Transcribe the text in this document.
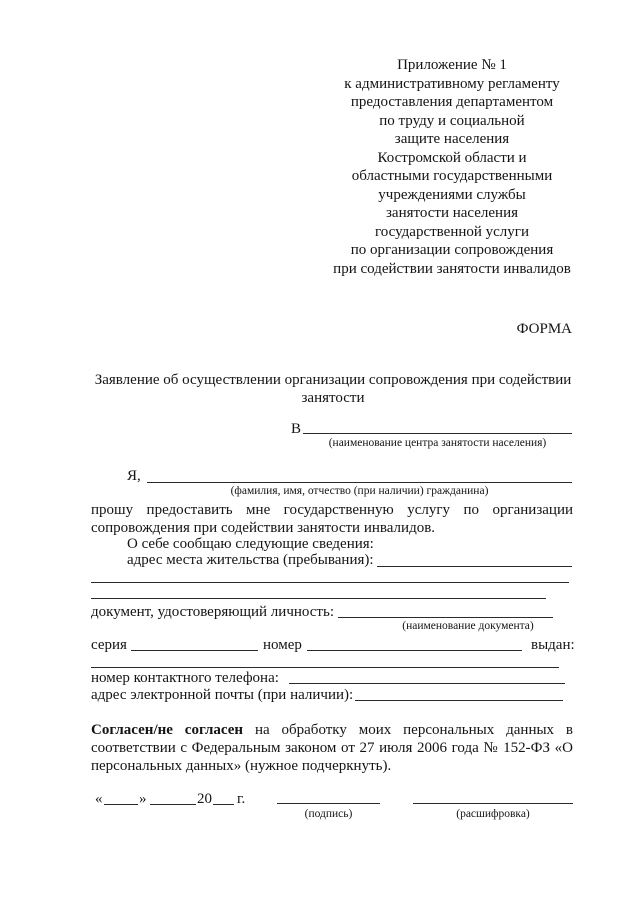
Приложение № 1
к административному регламенту
предоставления департаментом
по труду и социальной
защите населения
Костромской области и
областными государственными
учреждениями службы
занятости населения
государственной услуги
по организации сопровождения
при содействии занятости инвалидов
ФОРМА
Заявление об осуществлении организации сопровождения при содействии
занятости
В
(наименование центра занятости населения)
Я,
(фамилия, имя, отчество (при наличии) гражданина)
прошу предоставить мне государственную услугу по организации
сопровождения при содействии занятости инвалидов.
О себе сообщаю следующие сведения:
адрес места жительства (пребывания):
документ, удостоверяющий личность:
(наименование документа)
серия	номер	выдан:
номер контактного телефона:
адрес электронной почты (при наличии):
Согласен/не согласен на обработку моих персональных данных в
соответствии с Федеральным законом от 27 июля 2006 года № 152-ФЗ «О
персональных данных» (нужное подчеркнуть).
« »	20 г.
(подпись)	(расшифровка)
